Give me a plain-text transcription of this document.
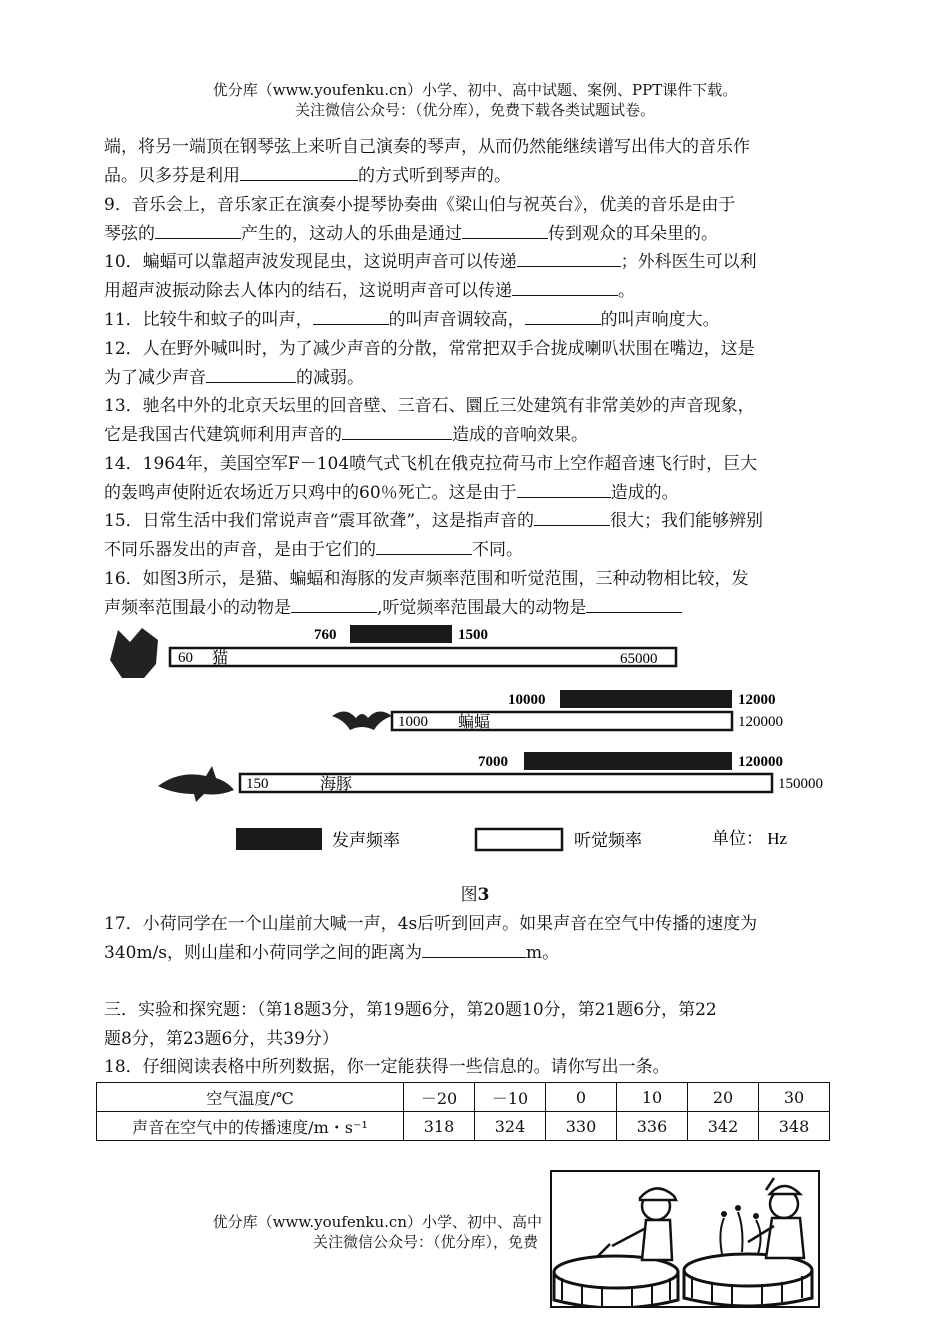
优分库（www.youfenku.cn）小学、初中、高中试题、案例、PPT课件下载。
关注微信公众号：（优分库），免费下载各类试题试卷。
端，将另一端顶在钢琴弦上来听自己演奏的琴声，从而仍然能继续谱写出伟大的音乐作
品。贝多芬是利用	的方式听到琴声的。
9．音乐会上，音乐家正在演奏小提琴协奏曲《梁山伯与祝英台》，优美的音乐是由于
琴弦的	产生的，这动人的乐曲是通过	传到观众的耳朵里的。
10．蝙蝠可以靠超声波发现昆虫，这说明声音可以传递	；外科医生可以利
用超声波振动除去人体内的结石，这说明声音可以传递	。
11．比较牛和蚊子的叫声，	的叫声音调较高，	的叫声响度大。
12．人在野外喊叫时，为了减少声音的分散，常常把双手合拢成喇叭状围在嘴边，这是
为了减少声音	的减弱。
13．驰名中外的北京天坛里的回音壁、三音石、圜丘三处建筑有非常美妙的声音现象，
它是我国古代建筑师利用声音的	造成的音响效果。
14．1964年，美国空军F－104喷气式飞机在俄克拉荷马市上空作超音速飞行时，巨大
的轰鸣声使附近农场近万只鸡中的60％死亡。这是由于	造成的。
15．日常生活中我们常说声音“震耳欲聋”，这是指声音的	很大；我们能够辨别
不同乐器发出的声音，是由于它们的	不同。
16．如图3所示，是猫、蝙蝠和海豚的发声频率范围和听觉范围，三种动物相比较，发
声频率范围最小的动物是	,听觉频率范围最大的动物是
760	1500
60 猫	65000
10000	12000
1000 蝙蝠	120000
7000	120000
150	海豚	150000
发声频率	听觉频率	单位： Hz
图3
17．小荷同学在一个山崖前大喊一声，4s后听到回声。如果声音在空气中传播的速度为
340m/s，则山崖和小荷同学之间的距离为	m。
三．实验和探究题：（第18题3分，第19题6分，第20题10分，第21题6分，第22
题8分，第23题6分，共39分）
18．仔细阅读表格中所列数据，你一定能获得一些信息的。请你写出一条。
空气温度/℃	－20	－10	0	10	20	30
声音在空气中的传播速度/m・s⁻¹	318	324	330	336	342	348
优分库（www.youfenku.cn）小学、初中、高中
关注微信公众号：（优分库），免费
